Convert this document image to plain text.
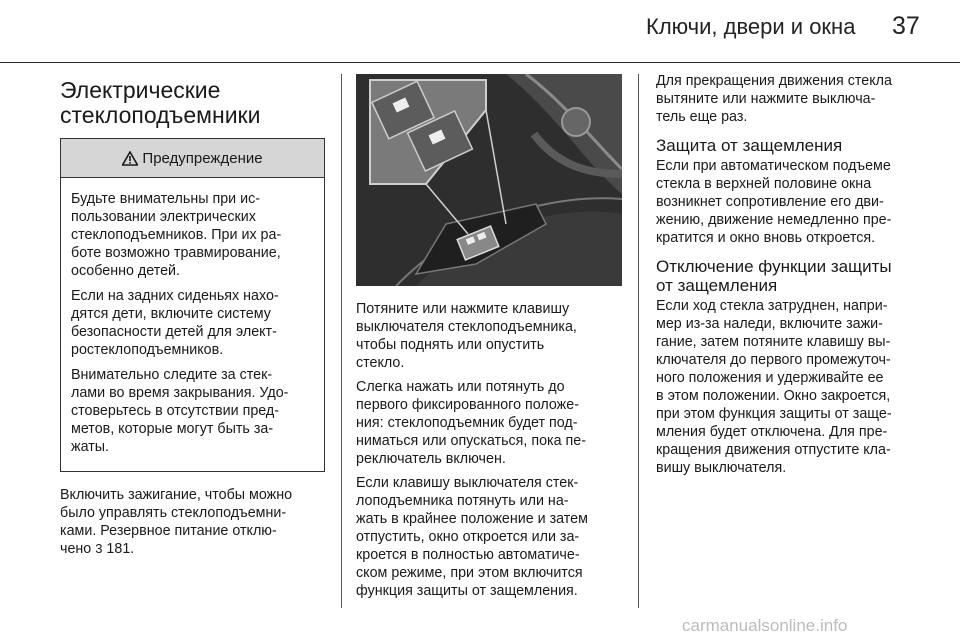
Ключи, двери и окна 37
Электрические
стеклоподъемники
Предупреждение

Будьте внимательны при ис-
пользовании электрических
стеклоподъемников. При их ра-
боте возможно травмирование,
особенно детей.

Если на задних сиденьях нахо-
дятся дети, включите систему
безопасности детей для элект-
ростеклоподъемников.

Внимательно следите за стек-
лами во время закрывания. Удо-
стоверьтесь в отсутствии пред-
метов, которые могут быть за-
жаты.

Включить зажигание, чтобы можно
было управлять стеклоподъемни-
ками. Резервное питание отклю-
чено 3 181.

Потяните или нажмите клавишу
выключателя стеклоподъемника,
чтобы поднять или опустить
стекло.

Слегка нажать или потянуть до
первого фиксированного положе-
ния: стеклоподъемник будет под-
ниматься или опускаться, пока пе-
реключатель включен.

Если клавишу выключателя стек-
лоподъемника потянуть или на-
жать в крайнее положение и затем
отпустить, окно откроется или за-
кроется в полностью автоматиче-
ском режиме, при этом включится
функция защиты от защемления.

Для прекращения движения стекла
вытяните или нажмите выключа-
тель еще раз.

Защита от защемления

Если при автоматическом подъеме
стекла в верхней половине окна
возникнет сопротивление его дви-
жению, движение немедленно пре-
кратится и окно вновь откроется.

Отключение функции защиты
от защемления

Если ход стекла затруднен, напри-
мер из-за наледи, включите зажи-
гание, затем потяните клавишу вы-
ключателя до первого промежуточ-
ного положения и удерживайте ее
в этом положении. Окно закроется,
при этом функция защиты от заще-
мления будет отключена. Для пре-
кращения движения отпустите кла-
вишу выключателя.

carmanualsonline.info
